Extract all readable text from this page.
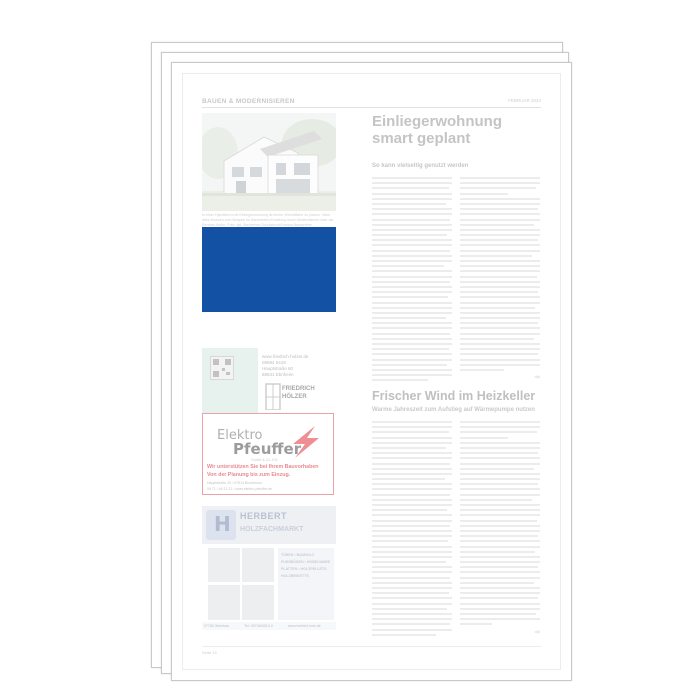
BAUEN & MODERNISIEREN	FEBRUAR 2024
In einer Hybridform mit Einliegerwohnung ist immer Wohnfläche zu planen. Nicht alles Wohnen vom Beispiel für Barrierefrei-Erhaltung durch Modernisieren oder als Rentner-Wohn. Foto: djd. Bauherren-Schutzbund/Kampa Baumeister
www.friedrich-holzer.de
09584 5419
Hauptstraße 60
88631 Ebnheim
FRIEDRICH
HÖLZER
Elektro
Pfeuffer
GmbH & Co. KG
Wir unterstützen Sie bei Ihrem Bauvorhaben
Von der Planung bis zum Einzug.
Hauptstraße 25 • 97514 Buchbrunn
09 71 / 46 21 21 • www.elektro-pfeuffer.de
H HERBERT
HOLZFACHMARKT
TÜREN • BAUHOLZ
FUSSBÖDEN • HOBELWARE
PLATTEN • HOLZPELLETS
HOLZBRIKETTS
97780 Weinbau	Tel. 09746/5510-0	www.herbert-holz.de
Einliegerwohnung smart geplant
So kann vielseitig genutzt werden
djd
Frischer Wind im Heizkeller
Warme Jahreszeit zum Aufstieg auf Wärmepumpe nutzen
djd
Seite 14
